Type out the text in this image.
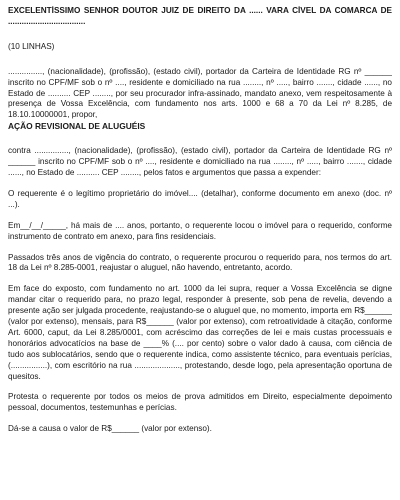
EXCELENTÍSSIMO SENHOR DOUTOR JUIZ DE DIREITO DA ...... VARA CÍVEL DA COMARCA DE ..................................

(10 LINHAS)

..............., (nacionalidade), (profissão), (estado civil), portador da Carteira de Identidade RG nº ______ inscrito no CPF/MF sob o nº ...., residente e domiciliado na rua ........, nº ....., bairro ......., cidade ......, no Estado de .......... CEP ........, por seu procurador infra-assinado, mandato anexo, vem respeitosamente à presença de Vossa Excelência, com fundamento nos arts. 1000 e 68 a 70 da Lei nº 8.285, de 18.10.10000001, propor,

AÇÃO REVISIONAL DE ALUGUÉIS

contra ..............., (nacionalidade), (profissão), (estado civil), portador da Carteira de Identidade RG nº ______ inscrito no CPF/MF sob o nº ...., residente e domiciliado na rua ........, nº ....., bairro ......., cidade ......, no Estado de .......... CEP ........, pelos fatos e argumentos que passa a expender:

O requerente é o legítimo proprietário do imóvel.... (detalhar), conforme documento em anexo (doc. nº ...).

Em__/__/_____, há mais de .... anos, portanto, o requerente locou o imóvel para o requerido, conforme instrumento de contrato em anexo, para fins residenciais.

Passados três anos de vigência do contrato, o requerente procurou o requerido para, nos termos do art. 18 da Lei nº 8.285-0001, reajustar o aluguel, não havendo, entretanto, acordo.

Em face do exposto, com fundamento no art. 1000 da lei supra, requer a Vossa Excelência se digne mandar citar o requerido para, no prazo legal, responder à presente, sob pena de revelia, devendo a presente ação ser julgada procedente, reajustando-se o aluguel que, no momento, importa em R$______ (valor por extenso), mensais, para R$______ (valor por extenso), com retroatividade à citação, conforme Art. 6000, caput, da Lei 8.285/0001, com acréscimo das correções de lei e mais custas processuais e honorários advocatícios na base de ____% (.... por cento) sobre o valor dado à causa, com ciência de tudo aos sublocatários, sendo que o requerente indica, como assistente técnico, para eventuais perícias, (................), com escritório na rua ...................., protestando, desde logo, pela apresentação oportuna de quesitos.

Protesta o requerente por todos os meios de prova admitidos em Direito, especialmente depoimento pessoal, documentos, testemunhas e perícias.

Dá-se a causa o valor de R$______ (valor por extenso).
